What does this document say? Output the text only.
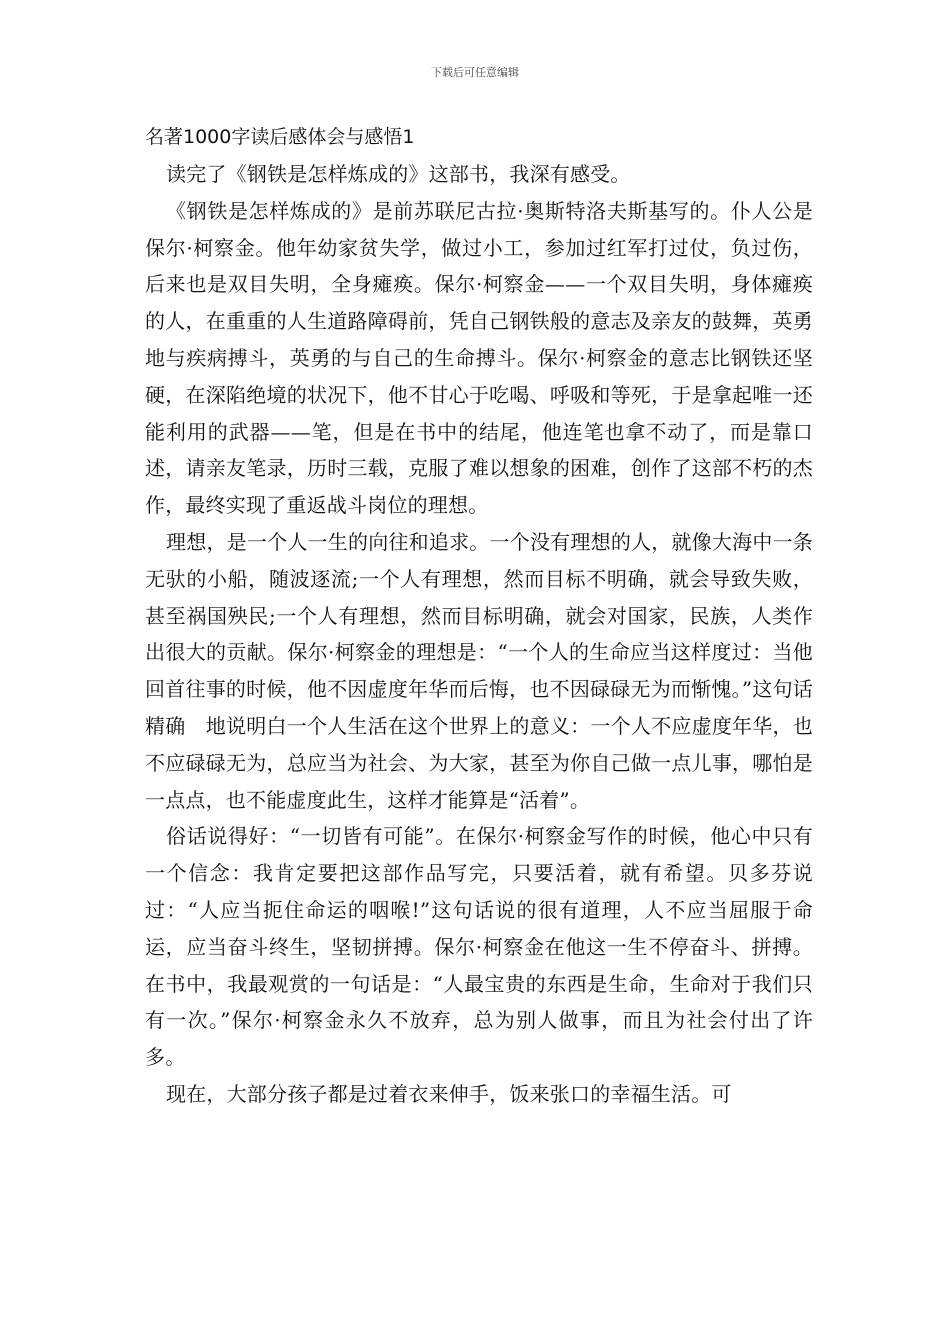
下载后可任意编辑
名著1000字读后感体会与感悟1

读完了《钢铁是怎样炼成的》这部书，我深有感受。

《钢铁是怎样炼成的》是前苏联尼古拉·奥斯特洛夫斯基写的。仆人公是保尔·柯察金。他年幼家贫失学，做过小工，参加过红军打过仗，负过伤，后来也是双目失明，全身瘫痪。保尔·柯察金——一个双目失明，身体瘫痪的人，在重重的人生道路障碍前，凭自己钢铁般的意志及亲友的鼓舞，英勇地与疾病搏斗，英勇的与自己的生命搏斗。保尔·柯察金的意志比钢铁还坚硬，在深陷绝境的状况下，他不甘心于吃喝、呼吸和等死，于是拿起唯一还能利用的武器——笔，但是在书中的结尾，他连笔也拿不动了，而是靠口述，请亲友笔录，历时三载，克服了难以想象的困难，创作了这部不朽的杰作，最终实现了重返战斗岗位的理想。

理想，是一个人一生的向往和追求。一个没有理想的人，就像大海中一条无驮的小船，随波逐流;一个人有理想，然而目标不明确，就会导致失败，甚至祸国殃民;一个人有理想，然而目标明确，就会对国家，民族，人类作出很大的贡献。保尔·柯察金的理想是：“一个人的生命应当这样度过：当他回首往事的时候，他不因虚度年华而后悔，也不因碌碌无为而惭愧。”这句话精确　地说明白一个人生活在这个世界上的意义：一个人不应虚度年华，也不应碌碌无为，总应当为社会、为大家，甚至为你自己做一点儿事，哪怕是一点点，也不能虚度此生，这样才能算是“活着”。

俗话说得好：“一切皆有可能”。在保尔·柯察金写作的时候，他心中只有一个信念：我肯定要把这部作品写完，只要活着，就有希望。贝多芬说过：“人应当扼住命运的咽喉!”这句话说的很有道理，人不应当屈服于命运，应当奋斗终生，坚韧拼搏。保尔·柯察金在他这一生不停奋斗、拼搏。在书中，我最观赏的一句话是：“人最宝贵的东西是生命，生命对于我们只有一次。”保尔·柯察金永久不放弃，总为别人做事，而且为社会付出了许多。

现在，大部分孩子都是过着衣来伸手，饭来张口的幸福生活。可
